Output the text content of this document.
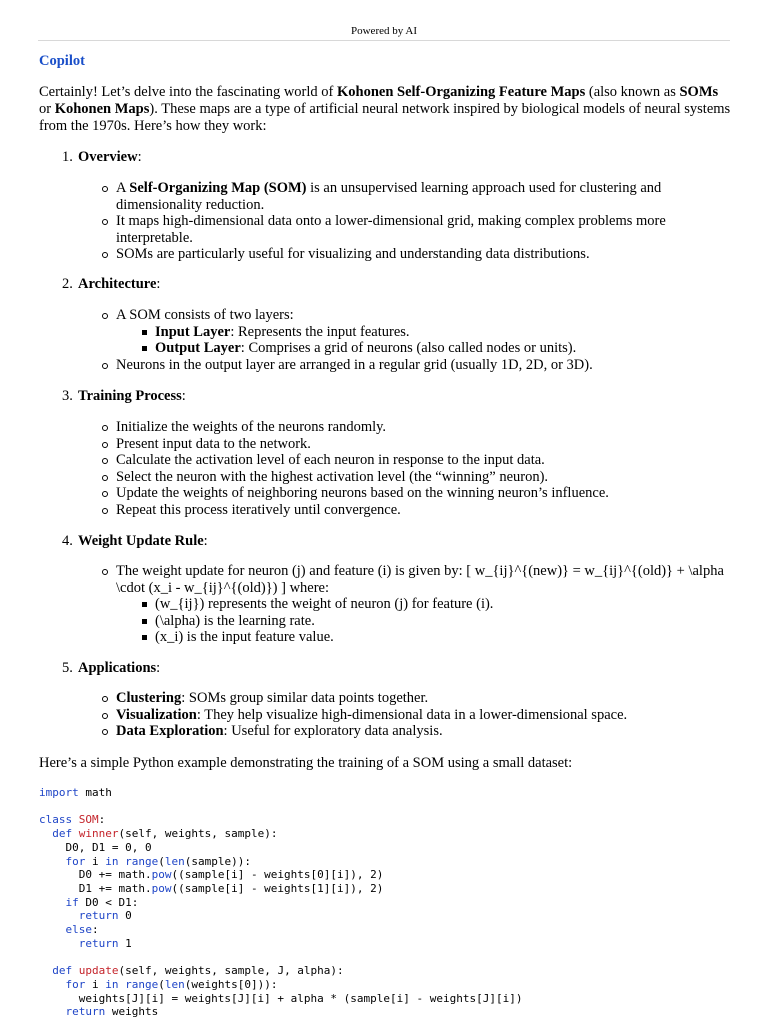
Powered by AI
Copilot

Certainly! Let’s delve into the fascinating world of Kohonen Self-Organizing Feature Maps (also known as SOMs or Kohonen Maps). These maps are a type of artificial neural network inspired by biological models of neural systems from the 1970s. Here’s how they work:

1. Overview:
A Self-Organizing Map (SOM) is an unsupervised learning approach used for clustering and dimensionality reduction.
It maps high-dimensional data onto a lower-dimensional grid, making complex problems more interpretable.
SOMs are particularly useful for visualizing and understanding data distributions.
2. Architecture:
A SOM consists of two layers:
Input Layer: Represents the input features.
Output Layer: Comprises a grid of neurons (also called nodes or units).
Neurons in the output layer are arranged in a regular grid (usually 1D, 2D, or 3D).
3. Training Process:
Initialize the weights of the neurons randomly.
Present input data to the network.
Calculate the activation level of each neuron in response to the input data.
Select the neuron with the highest activation level (the “winning” neuron).
Update the weights of neighboring neurons based on the winning neuron’s influence.
Repeat this process iteratively until convergence.
4. Weight Update Rule:
The weight update for neuron (j) and feature (i) is given by: [ w_{ij}^{(new)} = w_{ij}^{(old)} + \alpha \cdot (x_i - w_{ij}^{(old)}) ] where:
(w_{ij}) represents the weight of neuron (j) for feature (i).
(\alpha) is the learning rate.
(x_i) is the input feature value.
5. Applications:
Clustering: SOMs group similar data points together.
Visualization: They help visualize high-dimensional data in a lower-dimensional space.
Data Exploration: Useful for exploratory data analysis.
Here’s a simple Python example demonstrating the training of a SOM using a small dataset:
import math

class SOM:
def winner(self, weights, sample):
D0, D1 = 0, 0
for i in range(len(sample)):
D0 += math.pow((sample[i] - weights[0][i]), 2)
D1 += math.pow((sample[i] - weights[1][i]), 2)
if D0 < D1:
return 0
else:
return 1

def update(self, weights, sample, J, alpha):
for i in range(len(weights[0])):
weights[J][i] = weights[J][i] + alpha * (sample[i] - weights[J][i])
return weights
